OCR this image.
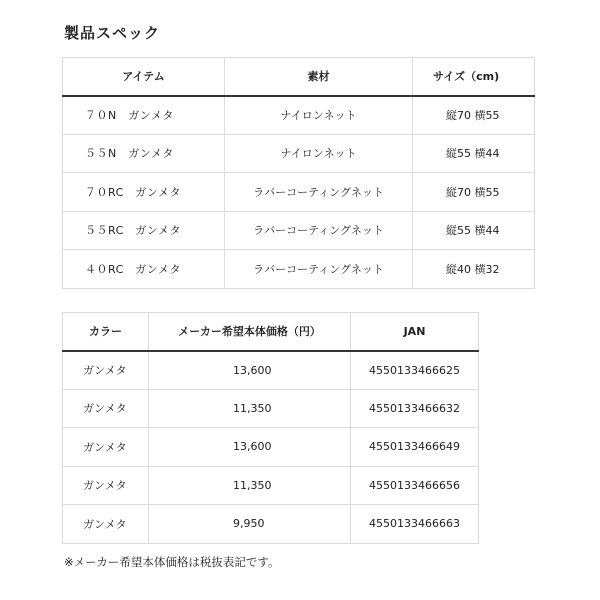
製品スペック
アイテム	素材	サイズ（cm)
７０N　ガンメタ	ナイロンネット	縦70 横55
５５N　ガンメタ	ナイロンネット	縦55 横44
７０RC　ガンメタ	ラバーコーティングネット	縦70 横55
５５RC　ガンメタ	ラバーコーティングネット	縦55 横44
４０RC　ガンメタ	ラバーコーティングネット	縦40 横32
カラー	メーカー希望本体価格（円）	JAN
ガンメタ	13,600	4550133466625
ガンメタ	11,350	4550133466632
ガンメタ	13,600	4550133466649
ガンメタ	11,350	4550133466656
ガンメタ	9,950	4550133466663
※メーカー希望本体価格は税抜表記です。
